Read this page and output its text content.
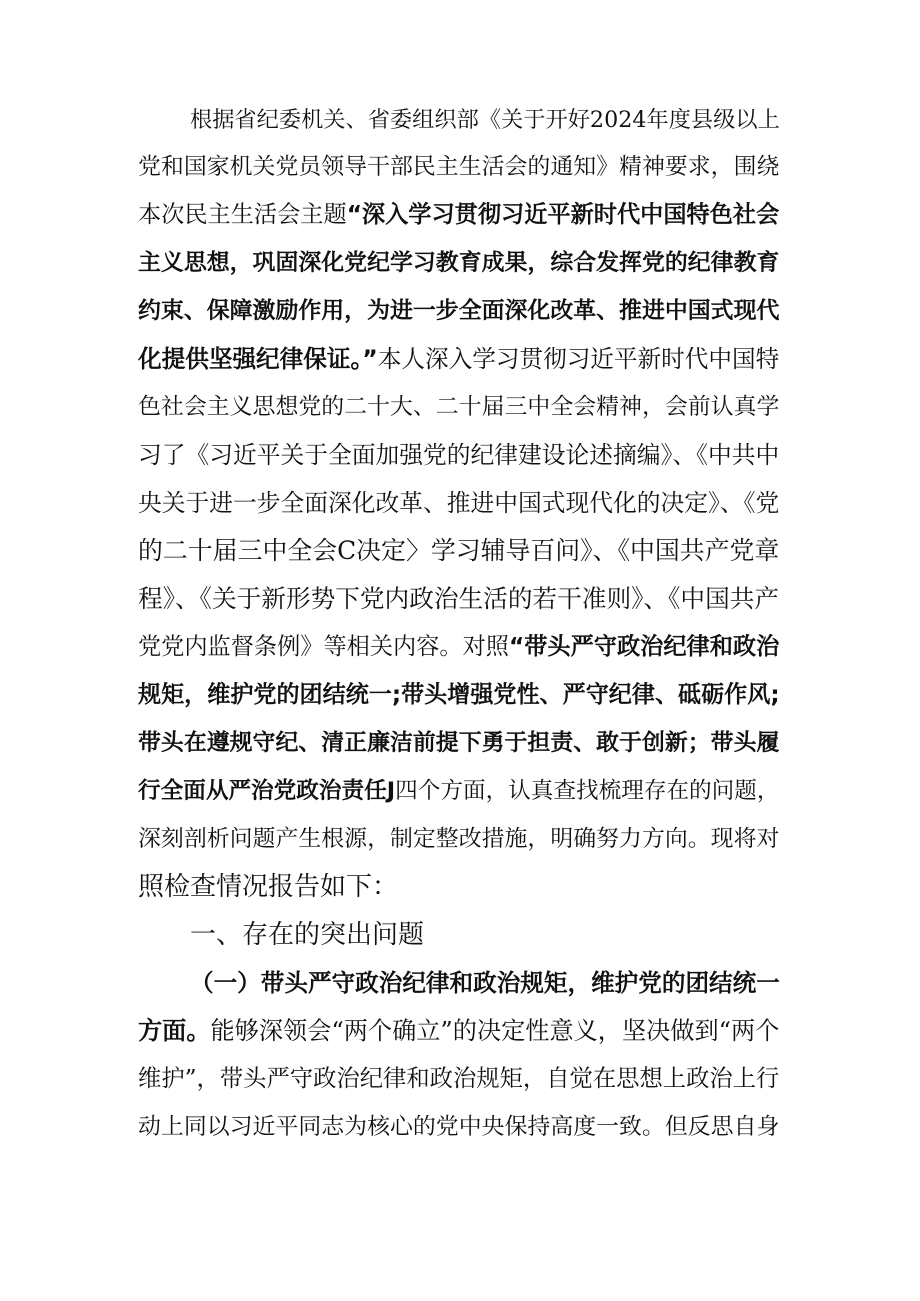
根据省纪委机关、省委组织部《关于开好2024年度县级以上
党和国家机关党员领导干部民主生活会的通知》精神要求，围绕
本次民主生活会主题“深入学习贯彻习近平新时代中国特色社会
主义思想，巩固深化党纪学习教育成果，综合发挥党的纪律教育
约束、保障激励作用，为进一步全面深化改革、推进中国式现代
化提供坚强纪律保证。”本人深入学习贯彻习近平新时代中国特
色社会主义思想党的二十大、二十届三中全会精神，会前认真学
习了《习近平关于全面加强党的纪律建设论述摘编》、《中共中
央关于进一步全面深化改革、推进中国式现代化的决定》、《党
的二十届三中全会C决定〉学习辅导百问》、《中国共产党章
程》、《关于新形势下党内政治生活的若干准则》、《中国共产
党党内监督条例》等相关内容。对照“带头严守政治纪律和政治
规矩，维护党的团结统一;带头增强党性、严守纪律、砥砺作风;
带头在遵规守纪、清正廉洁前提下勇于担责、敢于创新；带头履
行全面从严治党政治责任J四个方面，认真查找梳理存在的问题，
深刻剖析问题产生根源，制定整改措施，明确努力方向。现将对
照检查情况报告如下：
一、存在的突出问题
（一）带头严守政治纪律和政治规矩，维护党的团结统一
方面。能够深领会“两个确立”的决定性意义，坚决做到“两个
维护”，带头严守政治纪律和政治规矩，自觉在思想上政治上行
动上同以习近平同志为核心的党中央保持高度一致。但反思自身
